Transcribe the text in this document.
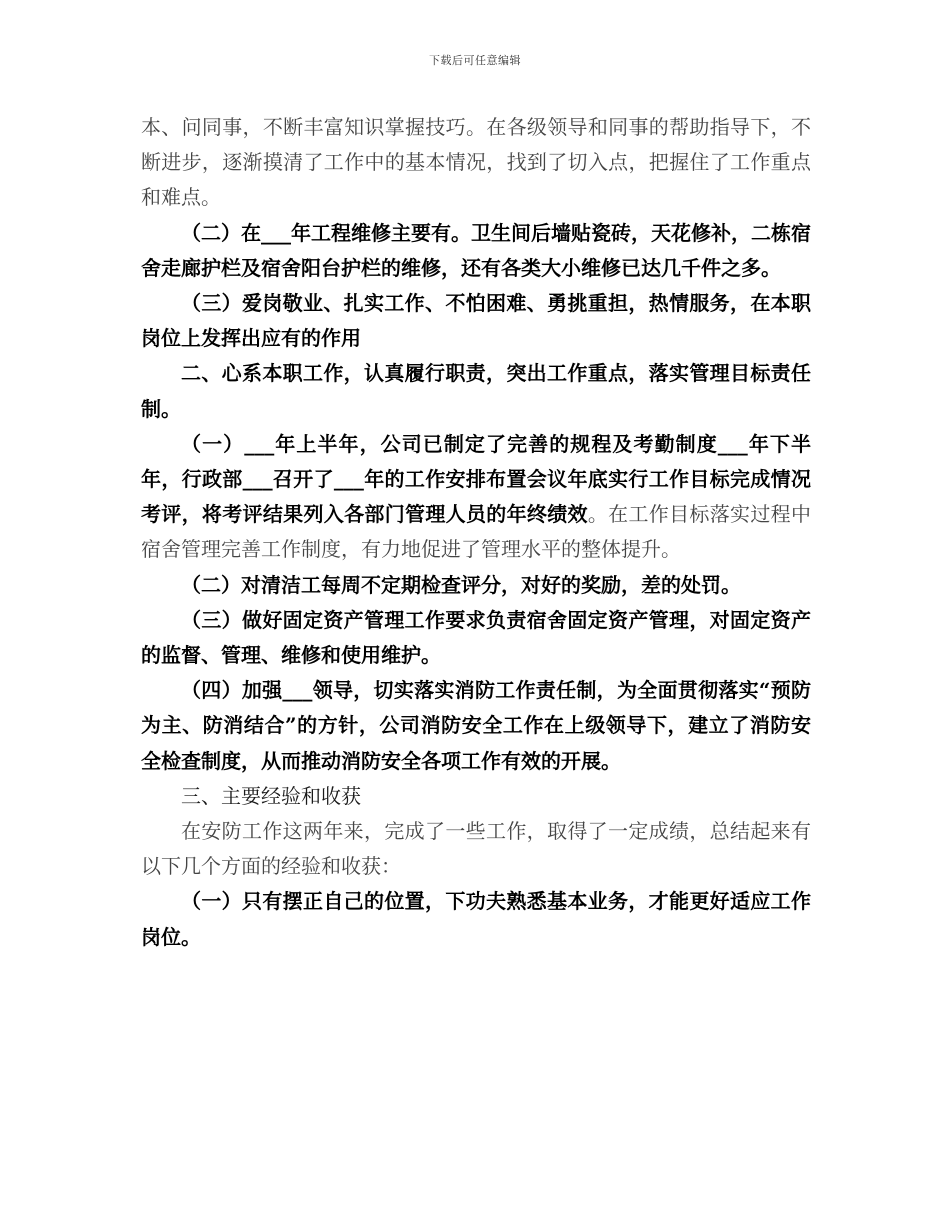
下载后可任意编辑

本、问同事，不断丰富知识掌握技巧。在各级领导和同事的帮助指导下，不断进步，逐渐摸清了工作中的基本情况，找到了切入点，把握住了工作重点和难点。

（二）在___年工程维修主要有。卫生间后墙贴瓷砖，天花修补，二栋宿舍走廊护栏及宿舍阳台护栏的维修，还有各类大小维修已达几千件之多。

（三）爱岗敬业、扎实工作、不怕困难、勇挑重担，热情服务，在本职岗位上发挥出应有的作用

二、心系本职工作，认真履行职责，突出工作重点，落实管理目标责任制。

（一）___年上半年，公司已制定了完善的规程及考勤制度___年下半年，行政部___召开了___年的工作安排布置会议年底实行工作目标完成情况考评，将考评结果列入各部门管理人员的年终绩效。在工作目标落实过程中宿舍管理完善工作制度，有力地促进了管理水平的整体提升。

（二）对清洁工每周不定期检查评分，对好的奖励，差的处罚。

（三）做好固定资产管理工作要求负责宿舍固定资产管理，对固定资产的监督、管理、维修和使用维护。

（四）加强___领导，切实落实消防工作责任制，为全面贯彻落实“预防为主、防消结合”的方针，公司消防安全工作在上级领导下，建立了消防安全检查制度，从而推动消防安全各项工作有效的开展。

三、主要经验和收获

在安防工作这两年来，完成了一些工作，取得了一定成绩，总结起来有以下几个方面的经验和收获：

（一）只有摆正自己的位置，下功夫熟悉基本业务，才能更好适应工作岗位。
